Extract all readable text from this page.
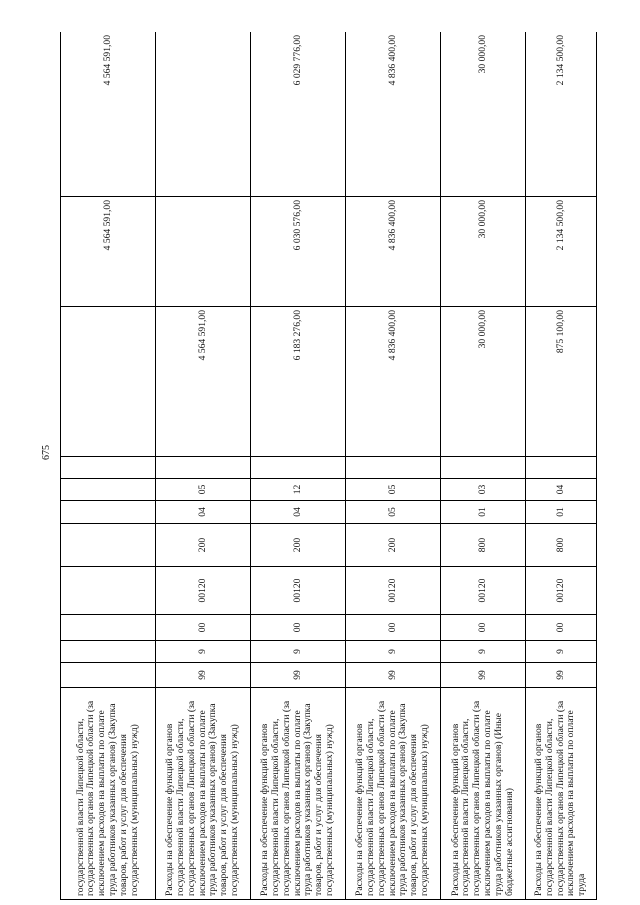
675
государственной власти Липецкой области, государственных органов Липецкой области (за исключением расходов на выплаты по оплате труда работников указанных органов) (Закупка товаров, работ и услуг для обеспечения государственных (муниципальных) нужд)										4 564 591,00	4 564 591,00
Расходы на обеспечение функций органов государственной власти Липецкой области, государственных органов Липецкой области (за исключением расходов на выплаты по оплате труда работников указанных органов) (Закупка товаров, работ и услуг для обеспечения государственных (муниципальных) нужд)	99	9	00	00120	200	04	05		4 564 591,00		
Расходы на обеспечение функций органов государственной власти Липецкой области, государственных органов Липецкой области (за исключением расходов на выплаты по оплате труда работников указанных органов) (Закупка товаров, работ и услуг для обеспечения государственных (муниципальных) нужд)	99	9	00	00120	200	04	12		6 183 276,00	6 030 576,00	6 029 776,00
Расходы на обеспечение функций органов государственной власти Липецкой области, государственных органов Липецкой области (за исключением расходов на выплаты по оплате труда работников указанных органов) (Закупка товаров, работ и услуг для обеспечения государственных (муниципальных) нужд)	99	9	00	00120	200	05	05		4 836 400,00	4 836 400,00	4 836 400,00
Расходы на обеспечение функций органов государственной власти Липецкой области, государственных органов Липецкой области (за исключением расходов на выплаты по оплате труда работников указанных органов) (Иные бюджетные ассигнования)	99	9	00	00120	800	01	03		30 000,00	30 000,00	30 000,00
Расходы на обеспечение функций органов государственной власти Липецкой области, государственных органов Липецкой области (за исключением расходов на выплаты по оплате труда	99	9	00	00120	800	01	04		875 100,00	2 134 500,00	2 134 500,00
